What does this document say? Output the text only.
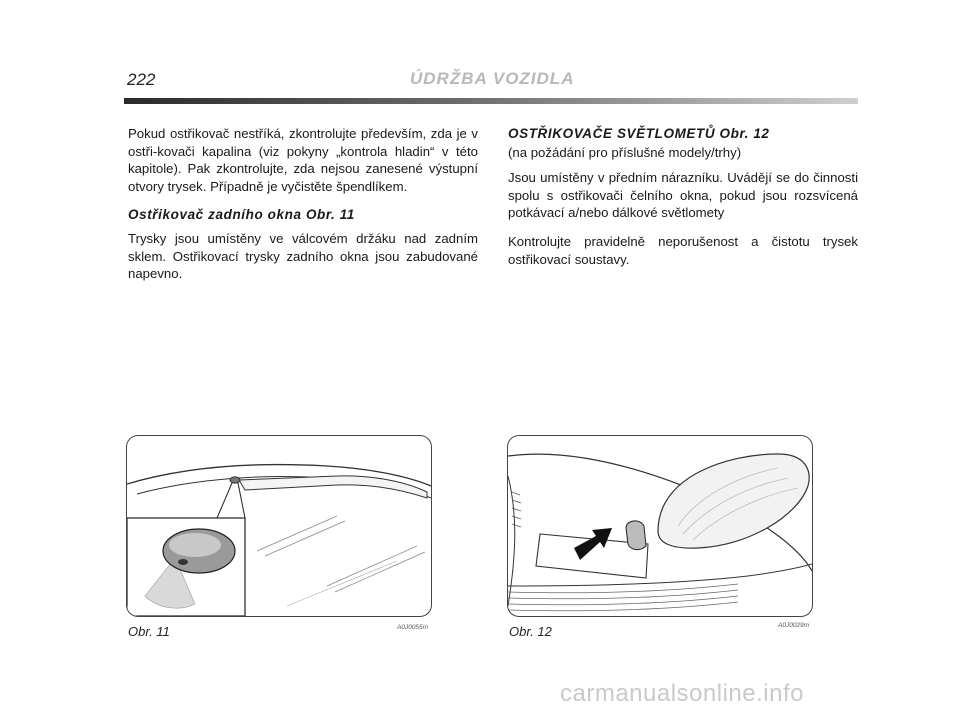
222	ÚDRŽBA VOZIDLA

Pokud ostřikovač nestříká, zkontrolujte především, zda je v ostři-kovači kapalina (viz pokyny „kontrola hladin“ v této kapitole). Pak zkontrolujte, zda nejsou zanesené výstupní otvory trysek. Případně je vyčistěte špendlíkem.

Ostřikovač zadního okna Obr. 11

Trysky jsou umístěny ve válcovém držáku nad zadním sklem. Ostřikovací trysky zadního okna jsou zabudované napevno.

OSTŘIKOVAČE SVĚTLOMETŮ Obr. 12

(na požádání pro příslušné modely/trhy)

Jsou umístěny v předním nárazníku. Uvádějí se do činnosti spolu s ostřikovači čelního okna, pokud jsou rozsvícená potkávací a/nebo dálkové světlomety

Kontrolujte pravidelně neporušenost a čistotu trysek ostřikovací soustavy.

Obr. 11	A0J0055m	Obr. 12	A0J0029m
carmanualsonline.info
